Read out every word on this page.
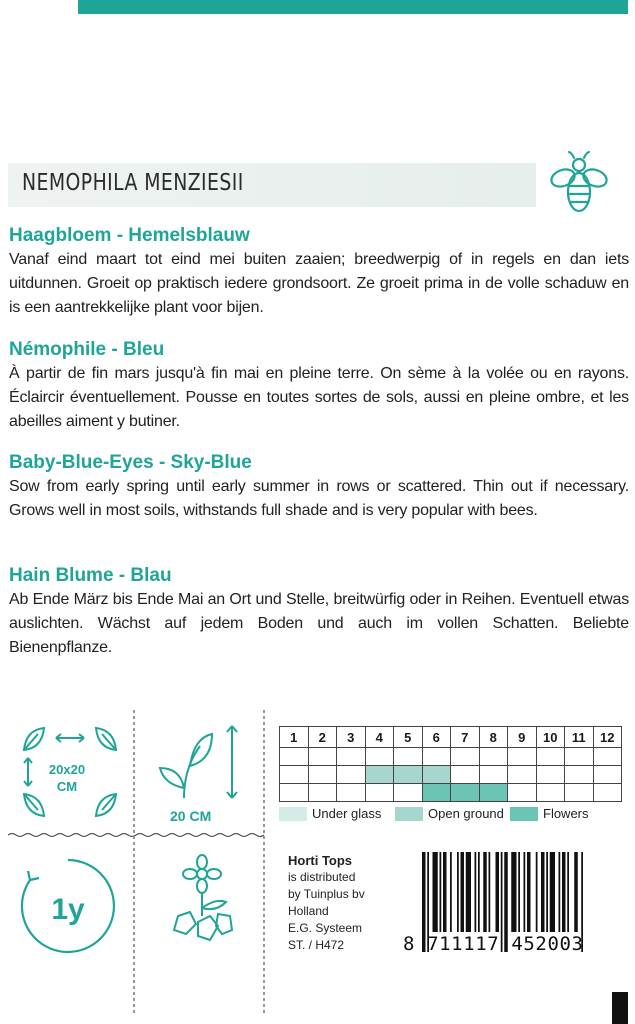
NEMOPHILA MENZIESII
Haagbloem - Hemelsblauw
Vanaf eind maart tot eind mei buiten zaaien; breedwerpig of in regels en dan iets uitdunnen. Groeit op praktisch iedere grondsoort. Ze groeit prima in de volle schaduw en is een aantrekkelijke plant voor bijen.
Némophile - Bleu
À partir de fin mars jusqu'à fin mai en pleine terre. On sème à la volée ou en rayons. Éclaircir éventuellement. Pousse en toutes sortes de sols, aussi en pleine ombre, et les abeilles aiment y butiner.
Baby-Blue-Eyes - Sky-Blue
Sow from early spring until early summer in rows or scattered. Thin out if necessary. Grows well in most soils, withstands full shade and is very popular with bees.
Hain Blume - Blau
Ab Ende März bis Ende Mai an Ort und Stelle, breitwürfig oder in Reihen. Eventuell etwas auslichten. Wächst auf jedem Boden und auch im vollen Schatten. Beliebte Bienenpflanze.
20x20
CM
20 CM
1y
1	2	3	4	5	6	7	8	9	10	11	12

Under glass	Open ground	Flowers
Horti Tops
is distributed
by Tuinplus bv
Holland
E.G. Systeem
ST. / H472	8 711117 452003
